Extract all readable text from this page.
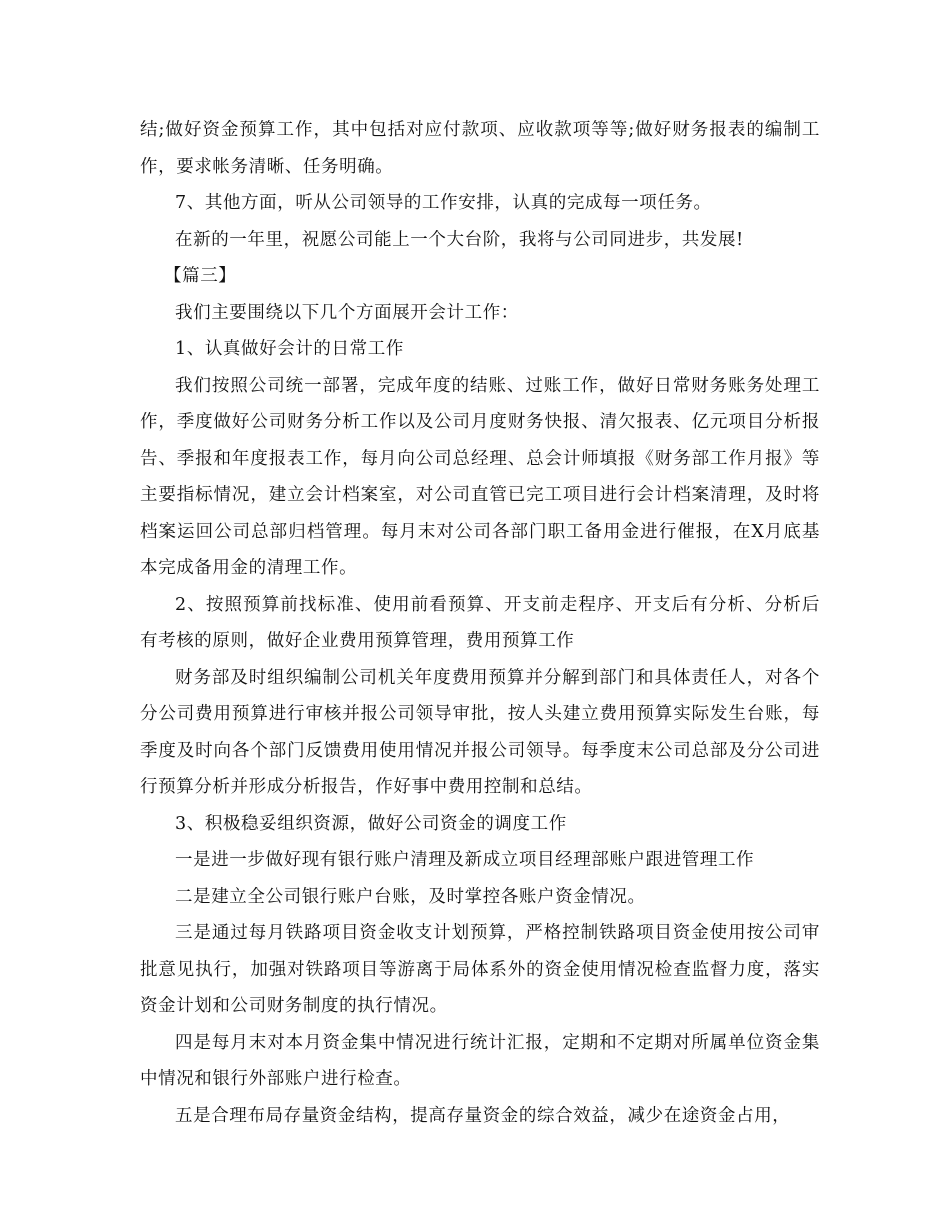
结;做好资金预算工作，其中包括对应付款项、应收款项等等;做好财务报表的编制工作，要求帐务清晰、任务明确。

7、其他方面，听从公司领导的工作安排，认真的完成每一项任务。

在新的一年里，祝愿公司能上一个大台阶，我将与公司同进步，共发展!

【篇三】

我们主要围绕以下几个方面展开会计工作：

1、认真做好会计的日常工作

我们按照公司统一部署，完成年度的结账、过账工作，做好日常财务账务处理工作，季度做好公司财务分析工作以及公司月度财务快报、清欠报表、亿元项目分析报告、季报和年度报表工作，每月向公司总经理、总会计师填报《财务部工作月报》等主要指标情况，建立会计档案室，对公司直管已完工项目进行会计档案清理，及时将档案运回公司总部归档管理。每月末对公司各部门职工备用金进行催报，在X月底基本完成备用金的清理工作。

2、按照预算前找标准、使用前看预算、开支前走程序、开支后有分析、分析后有考核的原则，做好企业费用预算管理，费用预算工作

财务部及时组织编制公司机关年度费用预算并分解到部门和具体责任人，对各个分公司费用预算进行审核并报公司领导审批，按人头建立费用预算实际发生台账，每季度及时向各个部门反馈费用使用情况并报公司领导。每季度末公司总部及分公司进行预算分析并形成分析报告，作好事中费用控制和总结。

3、积极稳妥组织资源，做好公司资金的调度工作

一是进一步做好现有银行账户清理及新成立项目经理部账户跟进管理工作

二是建立全公司银行账户台账，及时掌控各账户资金情况。

三是通过每月铁路项目资金收支计划预算，严格控制铁路项目资金使用按公司审批意见执行，加强对铁路项目等游离于局体系外的资金使用情况检查监督力度，落实资金计划和公司财务制度的执行情况。

四是每月末对本月资金集中情况进行统计汇报，定期和不定期对所属单位资金集中情况和银行外部账户进行检查。

五是合理布局存量资金结构，提高存量资金的综合效益，减少在途资金占用，
